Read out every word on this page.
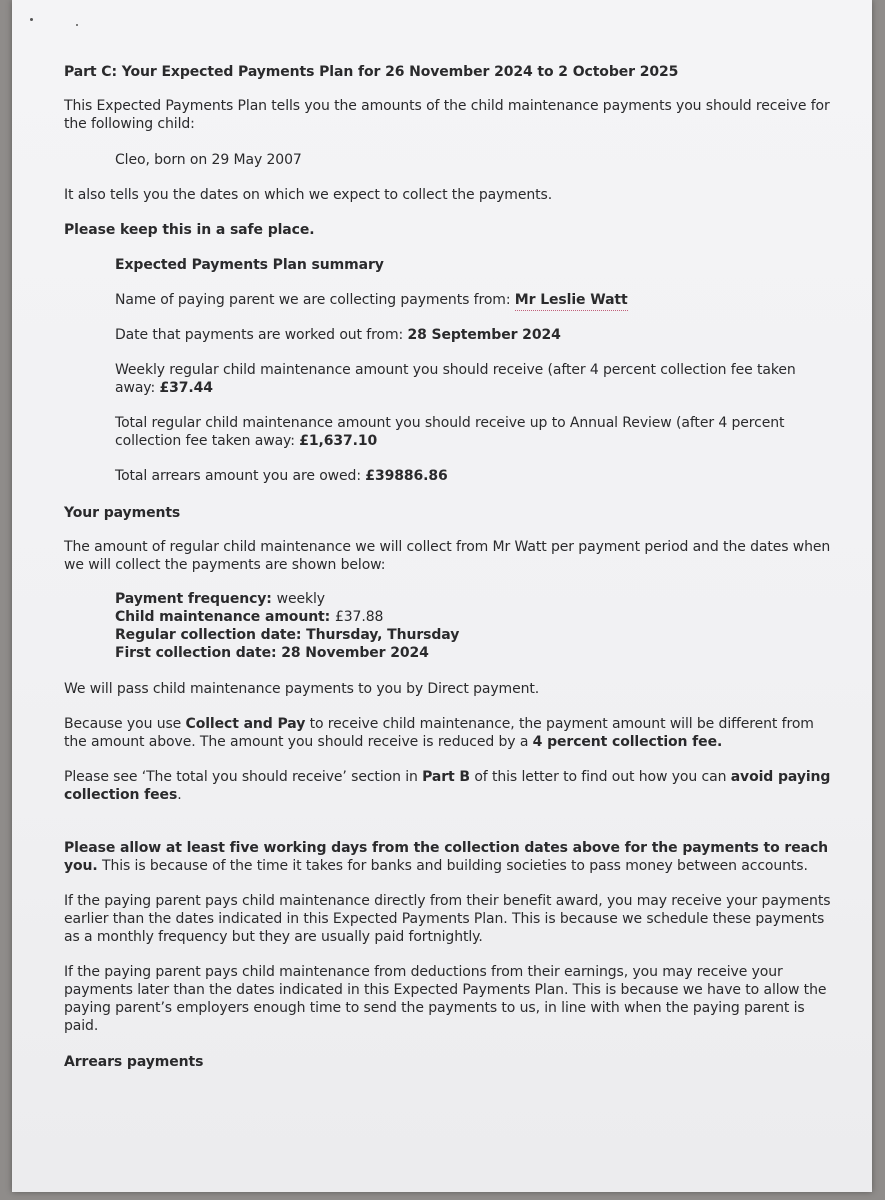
Part C: Your Expected Payments Plan for 26 November 2024 to 2 October 2025

This Expected Payments Plan tells you the amounts of the child maintenance payments you should receive for the following child:

Cleo, born on 29 May 2007

It also tells you the dates on which we expect to collect the payments.

Please keep this in a safe place.

Expected Payments Plan summary

Name of paying parent we are collecting payments from: Mr Leslie Watt

Date that payments are worked out from: 28 September 2024

Weekly regular child maintenance amount you should receive (after 4 percent collection fee taken away: £37.44

Total regular child maintenance amount you should receive up to Annual Review (after 4 percent collection fee taken away: £1,637.10

Total arrears amount you are owed: £39886.86

Your payments

The amount of regular child maintenance we will collect from Mr Watt per payment period and the dates when we will collect the payments are shown below:

Payment frequency: weekly

Child maintenance amount: £37.88

Regular collection date: Thursday, Thursday

First collection date: 28 November 2024

We will pass child maintenance payments to you by Direct payment.

Because you use Collect and Pay to receive child maintenance, the payment amount will be different from the amount above. The amount you should receive is reduced by a 4 percent collection fee.

Please see ‘The total you should receive’ section in Part B of this letter to find out how you can avoid paying collection fees.

Please allow at least five working days from the collection dates above for the payments to reach you. This is because of the time it takes for banks and building societies to pass money between accounts.

If the paying parent pays child maintenance directly from their benefit award, you may receive your payments earlier than the dates indicated in this Expected Payments Plan. This is because we schedule these payments as a monthly frequency but they are usually paid fortnightly.

If the paying parent pays child maintenance from deductions from their earnings, you may receive your payments later than the dates indicated in this Expected Payments Plan. This is because we have to allow the paying parent’s employers enough time to send the payments to us, in line with when the paying parent is paid.

Arrears payments
